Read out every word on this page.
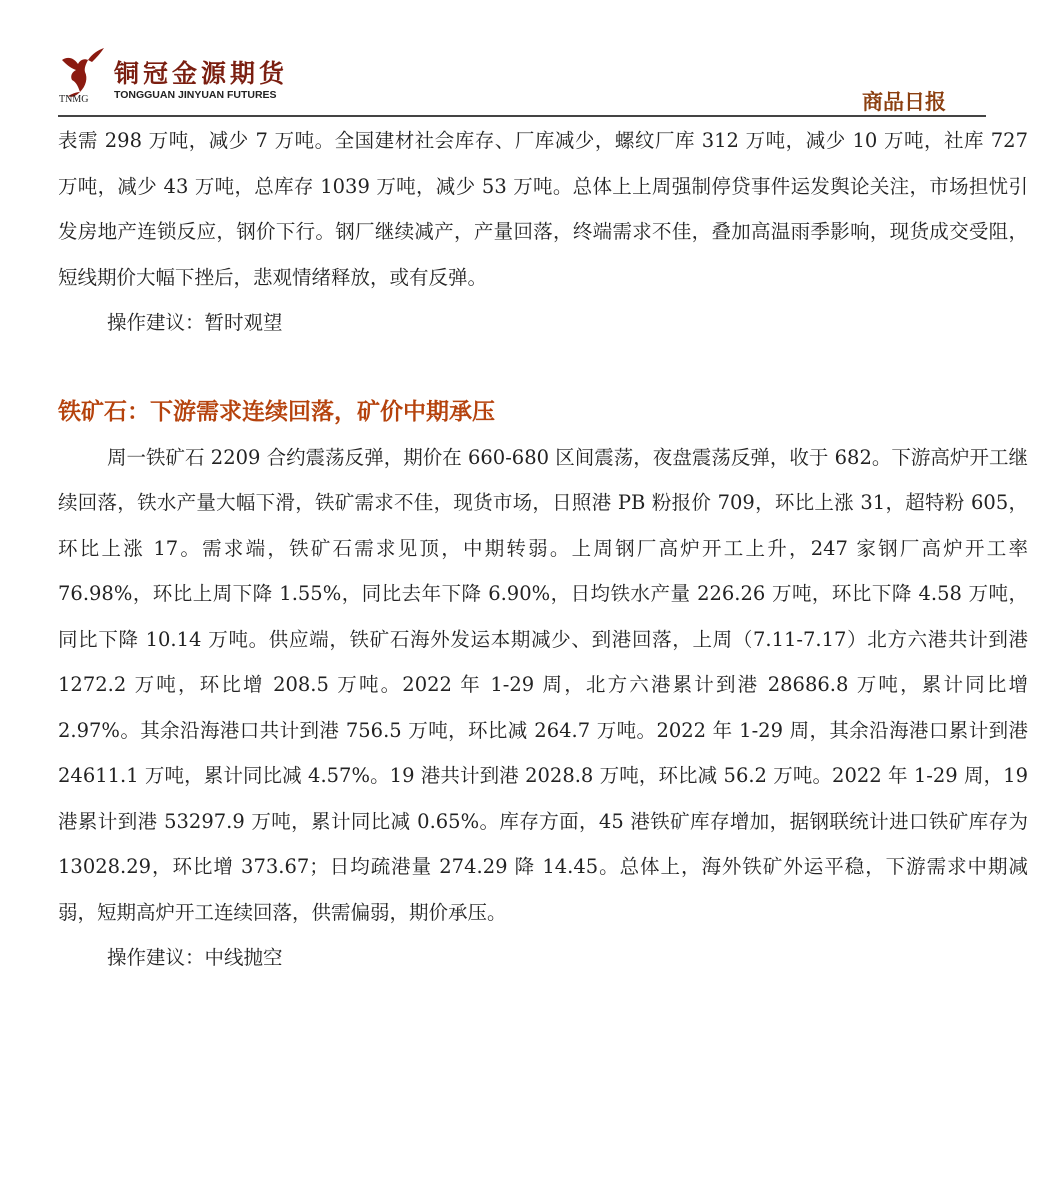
TNMG
铜冠金源期货
TONGGUAN JINYUAN FUTURES	商品日报

表需 298 万吨，减少 7 万吨。全国建材社会库存、厂库减少，螺纹厂库 312 万吨，减少 10 万吨，社库 727 万吨，减少 43 万吨，总库存 1039 万吨，减少 53 万吨。总体上上周强制停贷事件运发舆论关注，市场担忧引发房地产连锁反应，钢价下行。钢厂继续减产，产量回落，终端需求不佳，叠加高温雨季影响，现货成交受阻，短线期价大幅下挫后，悲观情绪释放，或有反弹。

操作建议：暂时观望

铁矿石：下游需求连续回落，矿价中期承压

周一铁矿石 2209 合约震荡反弹，期价在 660-680 区间震荡，夜盘震荡反弹，收于 682。下游高炉开工继续回落，铁水产量大幅下滑，铁矿需求不佳，现货市场，日照港 PB 粉报价 709，环比上涨 31，超特粉 605，环比上涨 17。需求端，铁矿石需求见顶，中期转弱。上周钢厂高炉开工上升，247 家钢厂高炉开工率 76.98%，环比上周下降 1.55%，同比去年下降 6.90%，日均铁水产量 226.26 万吨，环比下降 4.58 万吨，同比下降 10.14 万吨。供应端，铁矿石海外发运本期减少、到港回落，上周（7.11-7.17）北方六港共计到港 1272.2 万吨，环比增 208.5 万吨。2022 年 1-29 周，北方六港累计到港 28686.8 万吨，累计同比增 2.97%。其余沿海港口共计到港 756.5 万吨，环比减 264.7 万吨。2022 年 1-29 周，其余沿海港口累计到港 24611.1 万吨，累计同比减 4.57%。19 港共计到港 2028.8 万吨，环比减 56.2 万吨。2022 年 1-29 周，19 港累计到港 53297.9 万吨，累计同比减 0.65%。库存方面，45 港铁矿库存增加，据钢联统计进口铁矿库存为 13028.29，环比增 373.67；日均疏港量 274.29 降 14.45。总体上，海外铁矿外运平稳，下游需求中期减弱，短期高炉开工连续回落，供需偏弱，期价承压。

操作建议：中线抛空
